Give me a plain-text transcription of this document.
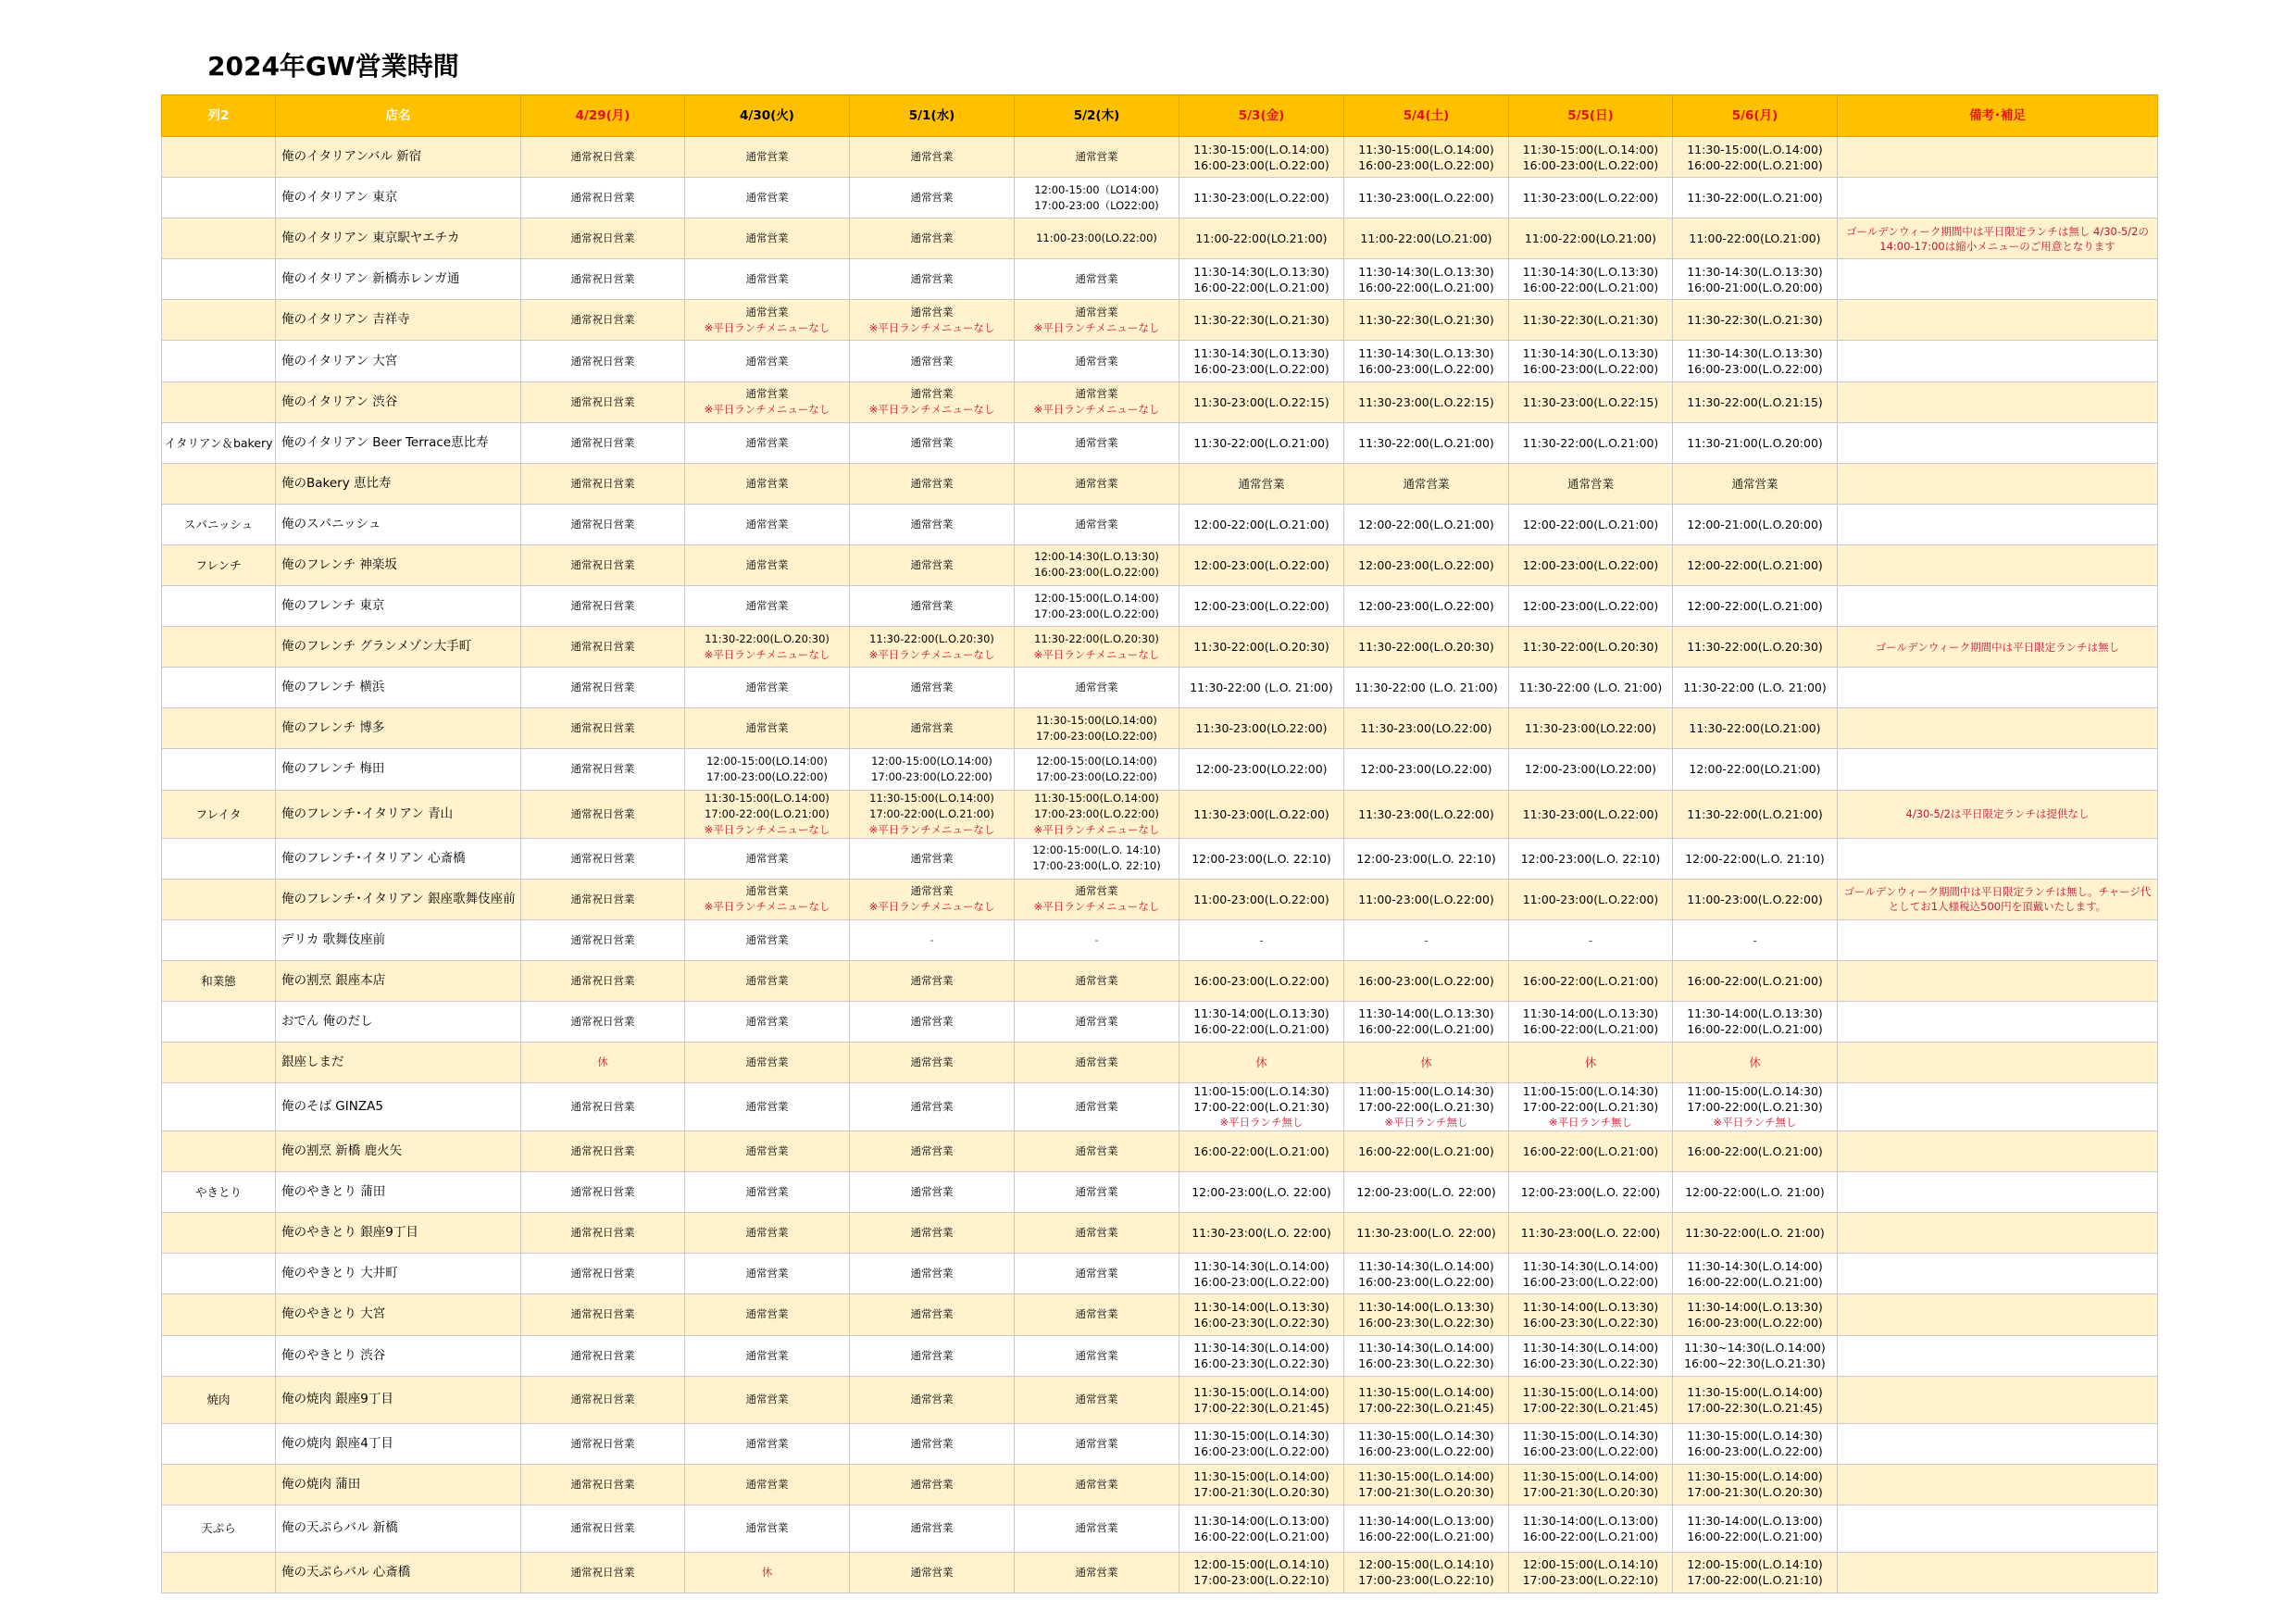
2024年GW営業時間
列2	店名	4/29(月)	4/30(火)	5/1(水)	5/2(木)	5/3(金)	5/4(土)	5/5(日)	5/6(月)	備考･補足
	俺のイタリアンバル 新宿	通常祝日営業	通常営業	通常営業	通常営業	11:30-15:00(L.O.14:00)
16:00-23:00(L.O.22:00)	11:30-15:00(L.O.14:00)
16:00-23:00(L.O.22:00)	11:30-15:00(L.O.14:00)
16:00-23:00(L.O.22:00)	11:30-15:00(L.O.14:00)
16:00-22:00(L.O.21:00)	

	俺のイタリアン 東京	通常祝日営業	通常営業	通常営業	12:00-15:00（LO14:00)
17:00-23:00（LO22:00)	11:30-23:00(L.O.22:00)	11:30-23:00(L.O.22:00)	11:30-23:00(L.O.22:00)	11:30-22:00(L.O.21:00)	

	俺のイタリアン 東京駅ヤエチカ	通常祝日営業	通常営業	通常営業	11:00-23:00(LO.22:00)	11:00-22:00(LO.21:00)	11:00-22:00(LO.21:00)	11:00-22:00(LO.21:00)	11:00-22:00(LO.21:00)	ゴールデンウィーク期間中は平日限定ランチは無し 4/30-5/2の14:00-17:00は縮小メニューのご用意となります
	俺のイタリアン 新橋赤レンガ通	通常祝日営業	通常営業	通常営業	通常営業	11:30-14:30(L.O.13:30)
16:00-22:00(L.O.21:00)	11:30-14:30(L.O.13:30)
16:00-22:00(L.O.21:00)	11:30-14:30(L.O.13:30)
16:00-22:00(L.O.21:00)	11:30-14:30(L.O.13:30)
16:00-21:00(L.O.20:00)	

	俺のイタリアン 吉祥寺	通常祝日営業	通常営業
※平日ランチメニューなし	通常営業
※平日ランチメニューなし	通常営業
※平日ランチメニューなし	11:30-22:30(L.O.21:30)	11:30-22:30(L.O.21:30)	11:30-22:30(L.O.21:30)	11:30-22:30(L.O.21:30)	

	俺のイタリアン 大宮	通常祝日営業	通常営業	通常営業	通常営業	11:30-14:30(L.O.13:30)
16:00-23:00(L.O.22:00)	11:30-14:30(L.O.13:30)
16:00-23:00(L.O.22:00)	11:30-14:30(L.O.13:30)
16:00-23:00(L.O.22:00)	11:30-14:30(L.O.13:30)
16:00-23:00(L.O.22:00)	

	俺のイタリアン 渋谷	通常祝日営業	通常営業
※平日ランチメニューなし	通常営業
※平日ランチメニューなし	通常営業
※平日ランチメニューなし	11:30-23:00(L.O.22:15)	11:30-23:00(L.O.22:15)	11:30-23:00(L.O.22:15)	11:30-22:00(L.O.21:15)	

イタリアン＆bakery	俺のイタリアン Beer Terrace恵比寿	通常祝日営業	通常営業	通常営業	通常営業	11:30-22:00(L.O.21:00)	11:30-22:00(L.O.21:00)	11:30-22:00(L.O.21:00)	11:30-21:00(L.O.20:00)	

	俺のBakery 恵比寿	通常祝日営業	通常営業	通常営業	通常営業	通常営業	通常営業	通常営業	通常営業	

スパニッシュ	俺のスパニッシュ	通常祝日営業	通常営業	通常営業	通常営業	12:00-22:00(L.O.21:00)	12:00-22:00(L.O.21:00)	12:00-22:00(L.O.21:00)	12:00-21:00(L.O.20:00)	

フレンチ	俺のフレンチ 神楽坂	通常祝日営業	通常営業	通常営業	12:00-14:30(L.O.13:30)
16:00-23:00(L.O.22:00)	12:00-23:00(L.O.22:00)	12:00-23:00(L.O.22:00)	12:00-23:00(L.O.22:00)	12:00-22:00(L.O.21:00)	

	俺のフレンチ 東京	通常祝日営業	通常営業	通常営業	12:00-15:00(L.O.14:00)
17:00-23:00(L.O.22:00)	12:00-23:00(L.O.22:00)	12:00-23:00(L.O.22:00)	12:00-23:00(L.O.22:00)	12:00-22:00(L.O.21:00)	

	俺のフレンチ グランメゾン大手町	通常祝日営業	11:30-22:00(L.O.20:30)
※平日ランチメニューなし	11:30-22:00(L.O.20:30)
※平日ランチメニューなし	11:30-22:00(L.O.20:30)
※平日ランチメニューなし	11:30-22:00(L.O.20:30)	11:30-22:00(L.O.20:30)	11:30-22:00(L.O.20:30)	11:30-22:00(L.O.20:30)	ゴールデンウィーク期間中は平日限定ランチは無し
	俺のフレンチ 横浜	通常祝日営業	通常営業	通常営業	通常営業	11:30-22:00 (L.O. 21:00)	11:30-22:00 (L.O. 21:00)	11:30-22:00 (L.O. 21:00)	11:30-22:00 (L.O. 21:00)	

	俺のフレンチ 博多	通常祝日営業	通常営業	通常営業	11:30-15:00(LO.14:00)
17:00-23:00(LO.22:00)	11:30-23:00(LO.22:00)	11:30-23:00(LO.22:00)	11:30-23:00(LO.22:00)	11:30-22:00(LO.21:00)	

	俺のフレンチ 梅田	通常祝日営業	12:00-15:00(LO.14:00)
17:00-23:00(LO.22:00)	12:00-15:00(LO.14:00)
17:00-23:00(LO.22:00)	12:00-15:00(LO.14:00)
17:00-23:00(LO.22:00)	12:00-23:00(LO.22:00)	12:00-23:00(LO.22:00)	12:00-23:00(LO.22:00)	12:00-22:00(LO.21:00)	

フレイタ	俺のフレンチ･イタリアン 青山	通常祝日営業	11:30-15:00(L.O.14:00)
17:00-22:00(L.O.21:00)
※平日ランチメニューなし	11:30-15:00(L.O.14:00)
17:00-22:00(L.O.21:00)
※平日ランチメニューなし	11:30-15:00(L.O.14:00)
17:00-23:00(L.O.22:00)
※平日ランチメニューなし	11:30-23:00(L.O.22:00)	11:30-23:00(L.O.22:00)	11:30-23:00(L.O.22:00)	11:30-22:00(L.O.21:00)	4/30-5/2は平日限定ランチは提供なし
	俺のフレンチ･イタリアン 心斎橋	通常祝日営業	通常営業	通常営業	12:00-15:00(L.O. 14:10)
17:00-23:00(L.O. 22:10)	12:00-23:00(L.O. 22:10)	12:00-23:00(L.O. 22:10)	12:00-23:00(L.O. 22:10)	12:00-22:00(L.O. 21:10)	

	俺のフレンチ･イタリアン 銀座歌舞伎座前	通常祝日営業	通常営業
※平日ランチメニューなし	通常営業
※平日ランチメニューなし	通常営業
※平日ランチメニューなし	11:00-23:00(L.O.22:00)	11:00-23:00(L.O.22:00)	11:00-23:00(L.O.22:00)	11:00-23:00(L.O.22:00)	ゴールデンウィーク期間中は平日限定ランチは無し。チャージ代としてお1人様税込500円を頂戴いたします。
	デリカ 歌舞伎座前	通常祝日営業	通常営業	-	-	-	-	-	-	

和業態	俺の割烹 銀座本店	通常祝日営業	通常営業	通常営業	通常営業	16:00-23:00(L.O.22:00)	16:00-23:00(L.O.22:00)	16:00-22:00(L.O.21:00)	16:00-22:00(L.O.21:00)	

	おでん 俺のだし	通常祝日営業	通常営業	通常営業	通常営業	11:30-14:00(L.O.13:30)
16:00-22:00(L.O.21:00)	11:30-14:00(L.O.13:30)
16:00-22:00(L.O.21:00)	11:30-14:00(L.O.13:30)
16:00-22:00(L.O.21:00)	11:30-14:00(L.O.13:30)
16:00-22:00(L.O.21:00)	

	銀座しまだ	休	通常営業	通常営業	通常営業	休	休	休	休	

	俺のそば GINZA5	通常祝日営業	通常営業	通常営業	通常営業	11:00-15:00(L.O.14:30)
17:00-22:00(L.O.21:30)
※平日ランチ無し	11:00-15:00(L.O.14:30)
17:00-22:00(L.O.21:30)
※平日ランチ無し	11:00-15:00(L.O.14:30)
17:00-22:00(L.O.21:30)
※平日ランチ無し	11:00-15:00(L.O.14:30)
17:00-22:00(L.O.21:30)
※平日ランチ無し	

	俺の割烹 新橋 鹿火矢	通常祝日営業	通常営業	通常営業	通常営業	16:00-22:00(L.O.21:00)	16:00-22:00(L.O.21:00)	16:00-22:00(L.O.21:00)	16:00-22:00(L.O.21:00)	

やきとり	俺のやきとり 蒲田	通常祝日営業	通常営業	通常営業	通常営業	12:00-23:00(L.O. 22:00)	12:00-23:00(L.O. 22:00)	12:00-23:00(L.O. 22:00)	12:00-22:00(L.O. 21:00)	

	俺のやきとり 銀座9丁目	通常祝日営業	通常営業	通常営業	通常営業	11:30-23:00(L.O. 22:00)	11:30-23:00(L.O. 22:00)	11:30-23:00(L.O. 22:00)	11:30-22:00(L.O. 21:00)	

	俺のやきとり 大井町	通常祝日営業	通常営業	通常営業	通常営業	11:30-14:30(L.O.14:00)
16:00-23:00(L.O.22:00)	11:30-14:30(L.O.14:00)
16:00-23:00(L.O.22:00)	11:30-14:30(L.O.14:00)
16:00-23:00(L.O.22:00)	11:30-14:30(L.O.14:00)
16:00-22:00(L.O.21:00)	

	俺のやきとり 大宮	通常祝日営業	通常営業	通常営業	通常営業	11:30-14:00(L.O.13:30)
16:00-23:30(L.O.22:30)	11:30-14:00(L.O.13:30)
16:00-23:30(L.O.22:30)	11:30-14:00(L.O.13:30)
16:00-23:30(L.O.22:30)	11:30-14:00(L.O.13:30)
16:00-23:00(L.O.22:00)	

	俺のやきとり 渋谷	通常祝日営業	通常営業	通常営業	通常営業	11:30-14:30(L.O.14:00)
16:00-23:30(L.O.22:30)	11:30-14:30(L.O.14:00)
16:00-23:30(L.O.22:30)	11:30-14:30(L.O.14:00)
16:00-23:30(L.O.22:30)	11:30~14:30(L.O.14:00)
16:00~22:30(L.O.21:30)	

焼肉	俺の焼肉 銀座9丁目	通常祝日営業	通常営業	通常営業	通常営業	11:30-15:00(L.O.14:00)
17:00-22:30(L.O.21:45)	11:30-15:00(L.O.14:00)
17:00-22:30(L.O.21:45)	11:30-15:00(L.O.14:00)
17:00-22:30(L.O.21:45)	11:30-15:00(L.O.14:00)
17:00-22:30(L.O.21:45)	

	俺の焼肉 銀座4丁目	通常祝日営業	通常営業	通常営業	通常営業	11:30-15:00(L.O.14:30)
16:00-23:00(L.O.22:00)	11:30-15:00(L.O.14:30)
16:00-23:00(L.O.22:00)	11:30-15:00(L.O.14:30)
16:00-23:00(L.O.22:00)	11:30-15:00(L.O.14:30)
16:00-23:00(L.O.22:00)	

	俺の焼肉 蒲田	通常祝日営業	通常営業	通常営業	通常営業	11:30-15:00(L.O.14:00)
17:00-21:30(L.O.20:30)	11:30-15:00(L.O.14:00)
17:00-21:30(L.O.20:30)	11:30-15:00(L.O.14:00)
17:00-21:30(L.O.20:30)	11:30-15:00(L.O.14:00)
17:00-21:30(L.O.20:30)	

天ぷら	俺の天ぷらバル 新橋	通常祝日営業	通常営業	通常営業	通常営業	11:30-14:00(L.O.13:00)
16:00-22:00(L.O.21:00)	11:30-14:00(L.O.13:00)
16:00-22:00(L.O.21:00)	11:30-14:00(L.O.13:00)
16:00-22:00(L.O.21:00)	11:30-14:00(L.O.13:00)
16:00-22:00(L.O.21:00)	

	俺の天ぷらバル 心斎橋	通常祝日営業	休	通常営業	通常営業	12:00-15:00(L.O.14:10)
17:00-23:00(L.O.22:10)	12:00-15:00(L.O.14:10)
17:00-23:00(L.O.22:10)	12:00-15:00(L.O.14:10)
17:00-23:00(L.O.22:10)	12:00-15:00(L.O.14:10)
17:00-22:00(L.O.21:10)	
